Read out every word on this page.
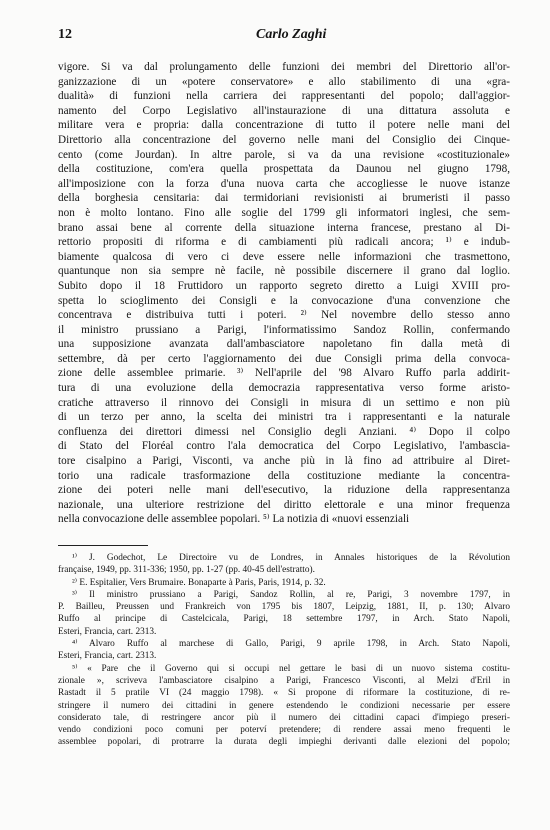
12	Carlo Zaghi
vigore. Si va dal prolungamento delle funzioni dei membri del Direttorio all'or-
ganizzazione di un «potere conservatore» e allo stabilimento di una «gra-
dualità» di funzioni nella carriera dei rappresentanti del popolo; dall'aggior-
namento del Corpo Legislativo all'instaurazione di una dittatura assoluta e
militare vera e propria: dalla concentrazione di tutto il potere nelle mani del
Direttorio alla concentrazione del governo nelle mani del Consiglio dei Cinque-
cento (come Jourdan). In altre parole, si va da una revisione «costituzionale»
della costituzione, com'era quella prospettata da Daunou nel giugno 1798,
all'imposizione con la forza d'una nuova carta che accogliesse le nuove istanze
della borghesia censitaria: dai termidoriani revisionisti ai brumeristi il passo
non è molto lontano. Fino alle soglie del 1799 gli informatori inglesi, che sem-
brano assai bene al corrente della situazione interna francese, prestano al Di-
rettorio propositi di riforma e di cambiamenti più radicali ancora; ¹⁾ e indub-
biamente qualcosa di vero ci deve essere nelle informazioni che trasmettono,
quantunque non sia sempre nè facile, nè possibile discernere il grano dal loglio.
Subito dopo il 18 Fruttidoro un rapporto segreto diretto a Luigi XVIII pro-
spetta lo scioglimento dei Consigli e la convocazione d'una convenzione che
concentrava e distribuiva tutti i poteri. ²⁾ Nel novembre dello stesso anno
il ministro prussiano a Parigi, l'informatissimo Sandoz Rollin, confermando
una supposizione avanzata dall'ambasciatore napoletano fin dalla metà di
settembre, dà per certo l'aggiornamento dei due Consigli prima della convoca-
zione delle assemblee primarie. ³⁾ Nell'aprile del '98 Alvaro Ruffo parla addirit-
tura di una evoluzione della democrazia rappresentativa verso forme aristo-
cratiche attraverso il rinnovo dei Consigli in misura di un settimo e non più
di un terzo per anno, la scelta dei ministri tra i rappresentanti e la naturale
confluenza dei direttori dimessi nel Consiglio degli Anziani. ⁴⁾ Dopo il colpo
di Stato del Floréal contro l'ala democratica del Corpo Legislativo, l'ambascia-
tore cisalpino a Parigi, Visconti, va anche più in là fino ad attribuire al Diret-
torio una radicale trasformazione della costituzione mediante la concentra-
zione dei poteri nelle mani dell'esecutivo, la riduzione della rappresentanza
nazionale, una ulteriore restrizione del diritto elettorale e una minor frequenza
nella convocazione delle assemblee popolari. ⁵⁾ La notizia di «nuovi essenziali
¹⁾ J. Godechot, Le Directoire vu de Londres, in Annales historiques de la Révolution
française, 1949, pp. 311-336; 1950, pp. 1-27 (pp. 40-45 dell'estratto).
²⁾ E. Espitalier, Vers Brumaire. Bonaparte à Paris, Paris, 1914, p. 32.
³⁾ Il ministro prussiano a Parigi, Sandoz Rollin, al re, Parigi, 3 novembre 1797, in
P. Bailleu, Preussen und Frankreich von 1795 bis 1807, Leipzig, 1881, II, p. 130; Alvaro
Ruffo al principe di Castelcicala, Parigi, 18 settembre 1797, in Arch. Stato Napoli,
Esteri, Francia, cart. 2313.
⁴⁾ Alvaro Ruffo al marchese di Gallo, Parigi, 9 aprile 1798, in Arch. Stato Napoli,
Esteri, Francia, cart. 2313.
⁵⁾ « Pare che il Governo qui si occupi nel gettare le basi di un nuovo sistema costitu-
zionale », scriveva l'ambasciatore cisalpino a Parigi, Francesco Visconti, al Melzi d'Eril in
Rastadt il 5 pratile VI (24 maggio 1798). « Si propone di riformare la costituzione, di re-
stringere il numero dei cittadini in genere estendendo le condizioni necessarie per essere
considerato tale, di restringere ancor più il numero dei cittadini capaci d'impiego preseri-
vendo condizioni poco comuni per poterví pretendere; di rendere assai meno frequenti le
assemblee popolari, di protrarre la durata degli impieghi derivanti dalle elezioni del popolo;
